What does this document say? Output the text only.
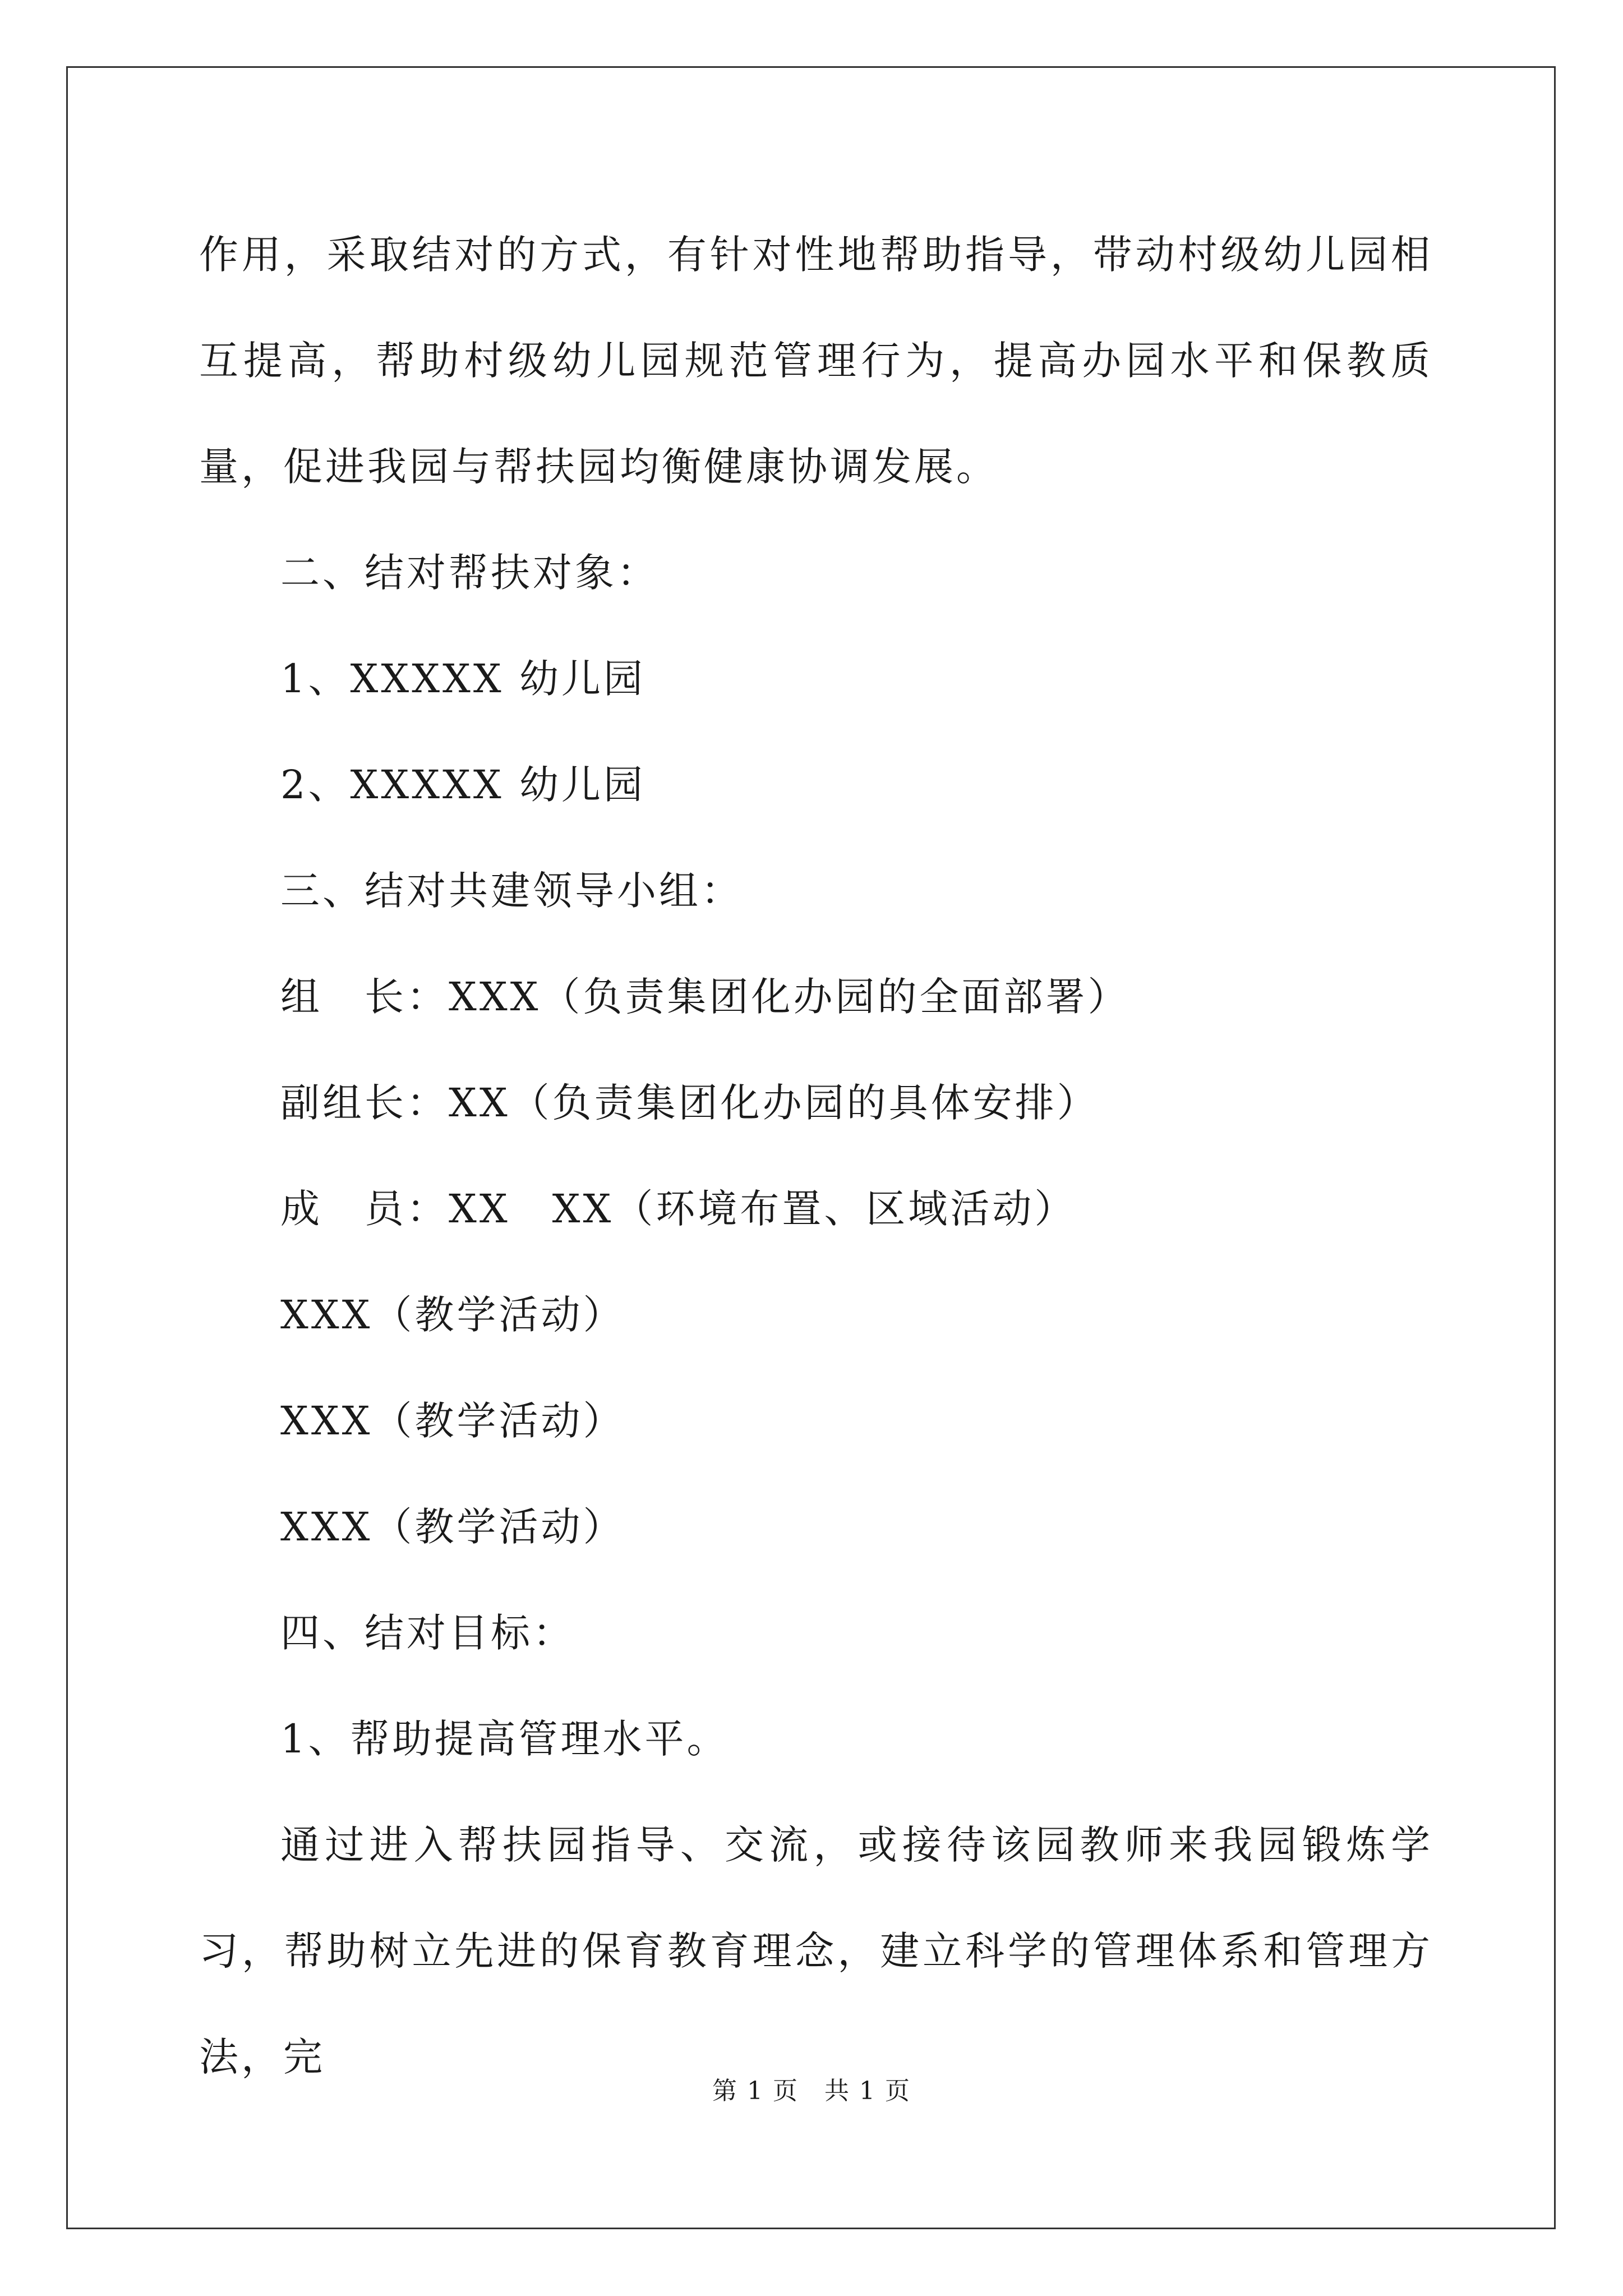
作用，采取结对的方式，有针对性地帮助指导，带动村级幼儿园相互提高，帮助村级幼儿园规范管理行为，提高办园水平和保教质量，促进我园与帮扶园均衡健康协调发展。

二、结对帮扶对象：

1、XXXXX 幼儿园

2、XXXXX 幼儿园

三、结对共建领导小组：

组　长：XXX（负责集团化办园的全面部署）

副组长：XX（负责集团化办园的具体安排）

成　员：XX　XX（环境布置、区域活动）

XXX（教学活动）

XXX（教学活动）

XXX（教学活动）

四、结对目标：

1、帮助提高管理水平。

通过进入帮扶园指导、交流，或接待该园教师来我园锻炼学习，帮助树立先进的保育教育理念，建立科学的管理体系和管理方法，完

第 1 页　共 1 页
